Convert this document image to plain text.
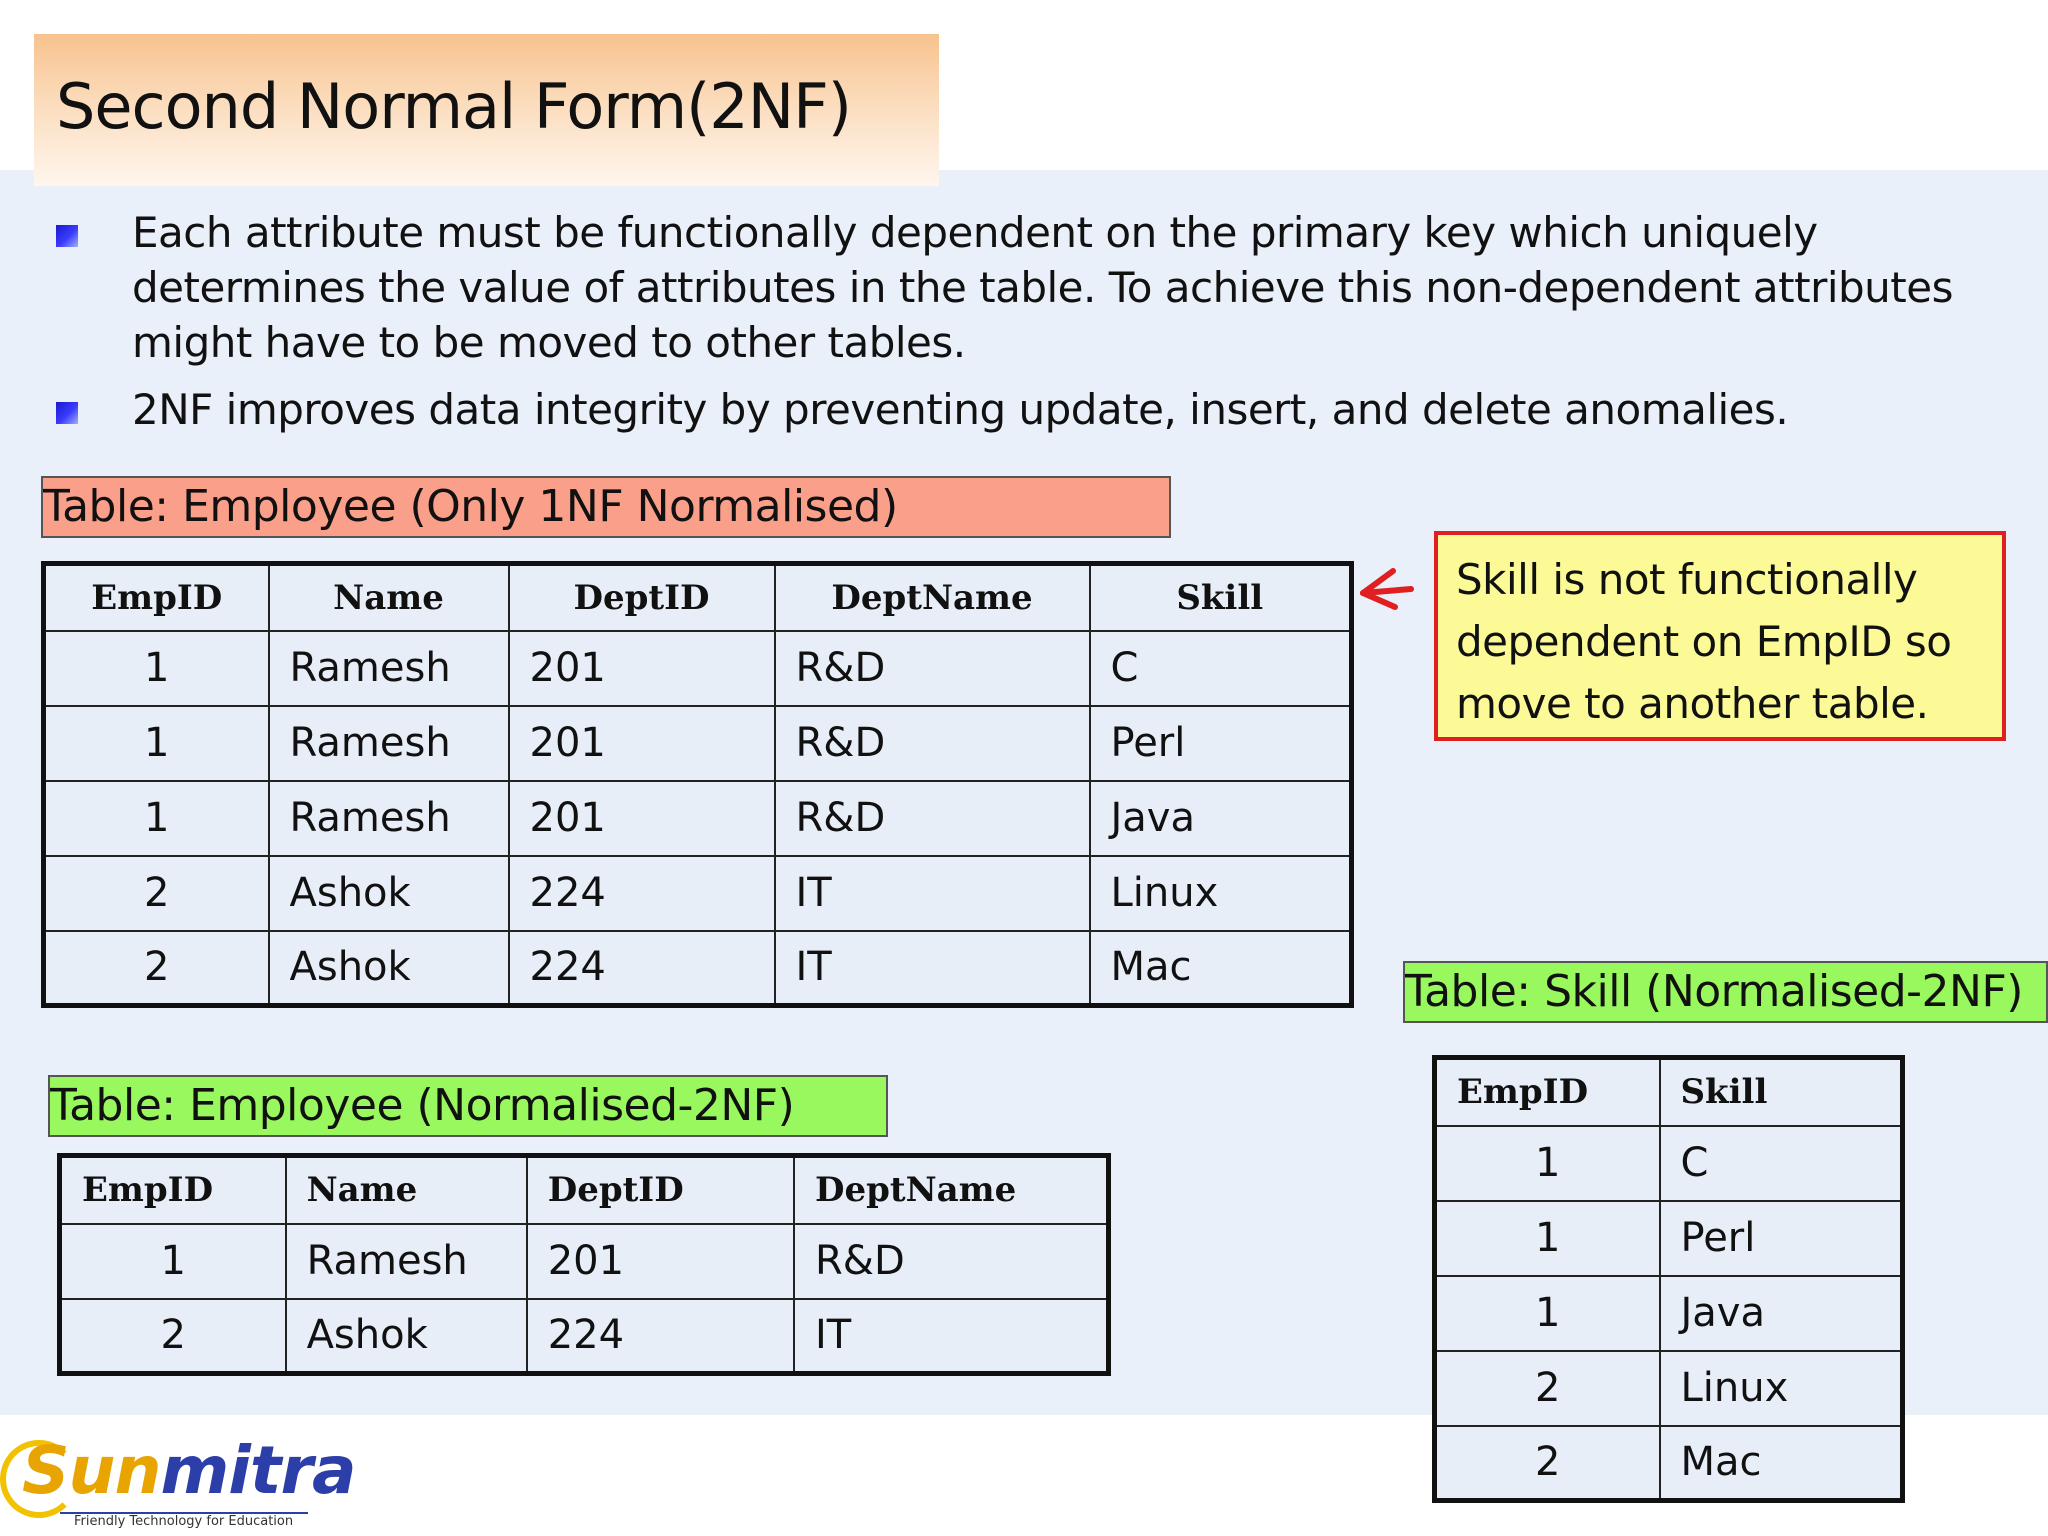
Second Normal Form(2NF)
Each attribute must be functionally dependent on the primary key which uniquely determines the value of attributes in the table. To achieve this non-dependent attributes might have to be moved to other tables.
2NF improves data integrity by preventing update, insert, and delete anomalies.
Table: Employee (Only 1NF Normalised)
EmpID	Name	DeptID	DeptName	Skill
1	Ramesh	201	R&D	C
1	Ramesh	201	R&D	Perl
1	Ramesh	201	R&D	Java
2	Ashok	224	IT	Linux
2	Ashok	224	IT	Mac
Skill is not functionally dependent on EmpID so move to another table.
Table: Employee (Normalised-2NF)
EmpID	Name	DeptID	DeptName
1	Ramesh	201	R&D
2	Ashok	224	IT
Table: Skill (Normalised-2NF)
EmpID	Skill
1	C
1	Perl
1	Java
2	Linux
2	Mac
Sunmitra
Friendly Technology for Education
